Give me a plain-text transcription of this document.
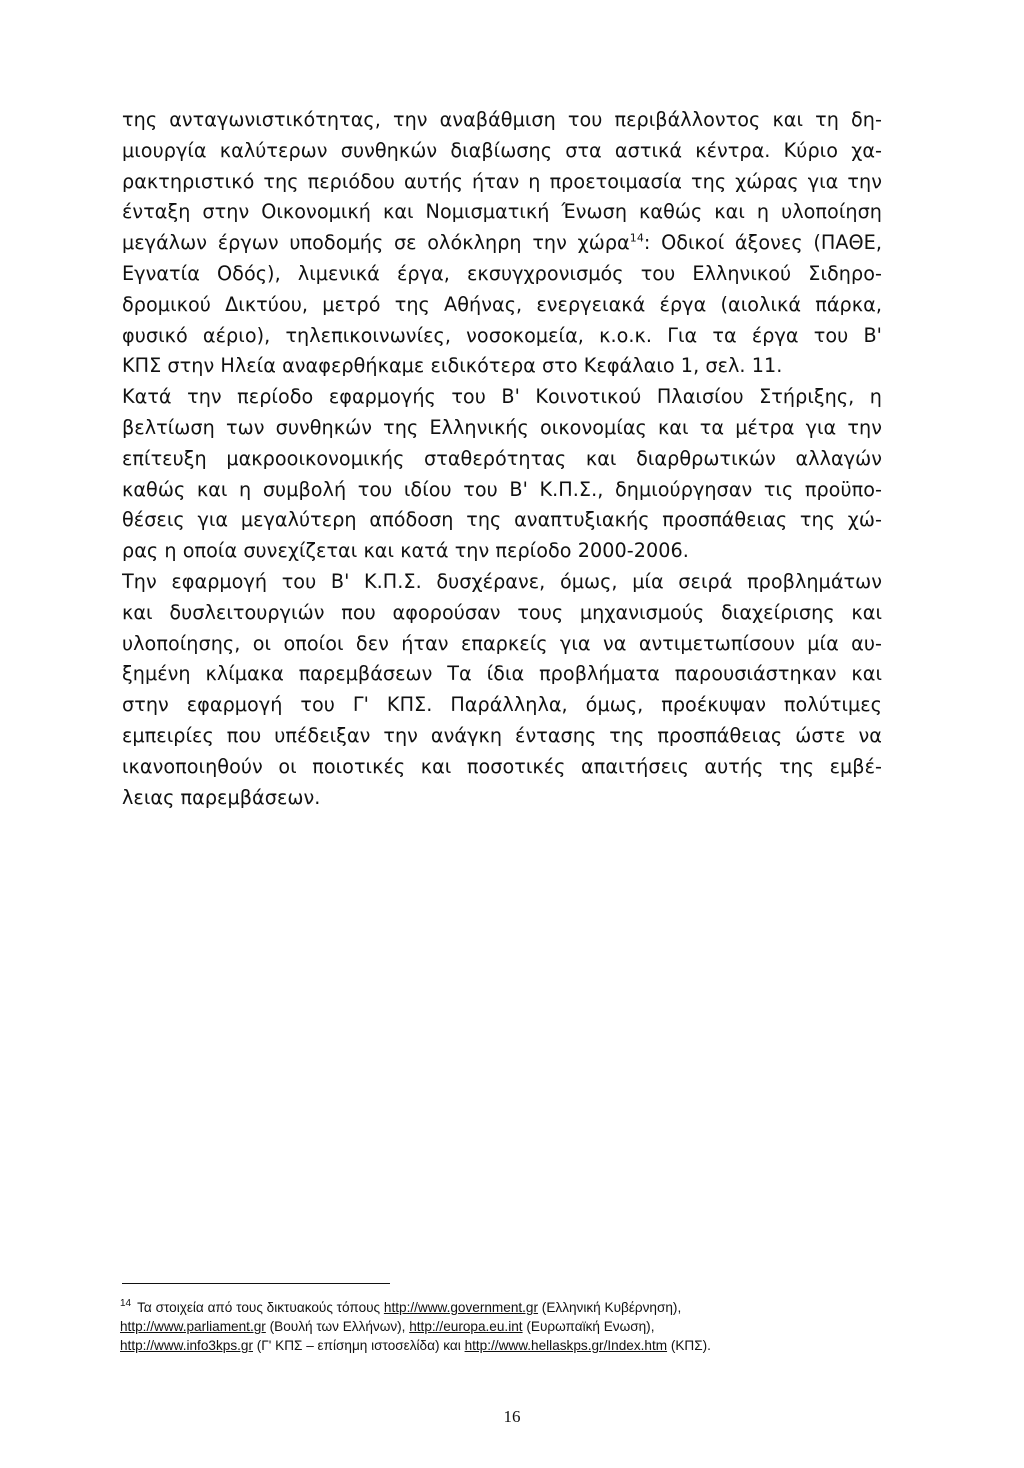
της ανταγωνιστικότητας, την αναβάθμιση του περιβάλλοντος και τη δη-
μιουργία καλύτερων συνθηκών διαβίωσης στα αστικά κέντρα. Κύριο χα-
ρακτηριστικό της περιόδου αυτής ήταν η προετοιμασία της χώρας για την
ένταξη στην Οικονομική και Νομισματική Ένωση καθώς και η υλοποίηση
μεγάλων έργων υποδομής σε ολόκληρη την χώρα$^{14}$: Οδικοί άξονες (ΠΑΘΕ,
Εγνατία Οδός), λιμενικά έργα, εκσυγχρονισμός του Ελληνικού Σιδηρο-
δρομικού Δικτύου, μετρό της Αθήνας, ενεργειακά έργα (αιολικά πάρκα,
φυσικό αέριο), τηλεπικοινωνίες, νοσοκομεία, κ.ο.κ. Για τα έργα του Β'
ΚΠΣ στην Ηλεία αναφερθήκαμε ειδικότερα στο Κεφάλαιο 1, σελ. 11.
Κατά την περίοδο εφαρμογής του Β' Κοινοτικού Πλαισίου Στήριξης, η
βελτίωση των συνθηκών της Ελληνικής οικονομίας και τα μέτρα για την
επίτευξη μακροοικονομικής σταθερότητας και διαρθρωτικών αλλαγών
καθώς και η συμβολή του ιδίου του Β' Κ.Π.Σ., δημιούργησαν τις προϋπο-
θέσεις για μεγαλύτερη απόδοση της αναπτυξιακής προσπάθειας της χώ-
ρας η οποία συνεχίζεται και κατά την περίοδο 2000-2006.
Την εφαρμογή του Β' Κ.Π.Σ. δυσχέρανε, όμως, μία σειρά προβλημάτων
και δυσλειτουργιών που αφορούσαν τους μηχανισμούς διαχείρισης και
υλοποίησης, οι οποίοι δεν ήταν επαρκείς για να αντιμετωπίσουν μία αυ-
ξημένη κλίμακα παρεμβάσεων Τα ίδια προβλήματα παρουσιάστηκαν και
στην εφαρμογή του Γ' ΚΠΣ. Παράλληλα, όμως, προέκυψαν πολύτιμες
εμπειρίες που υπέδειξαν την ανάγκη έντασης της προσπάθειας ώστε να
ικανοποιηθούν οι ποιοτικές και ποσοτικές απαιτήσεις αυτής της εμβέ-
λειας παρεμβάσεων.
$^{14}$ Τα στοιχεία από τους δικτυακούς τόπους http://www.government.gr (Ελληνική Κυβέρνηση),
http://www.parliament.gr (Βουλή των Ελλήνων), http://europa.eu.int (Ευρωπαϊκή Ενωση),
http://www.info3kps.gr (Γ' ΚΠΣ – επίσημη ιστοσελίδα) και http://www.hellaskps.gr/Index.htm (ΚΠΣ).
16
